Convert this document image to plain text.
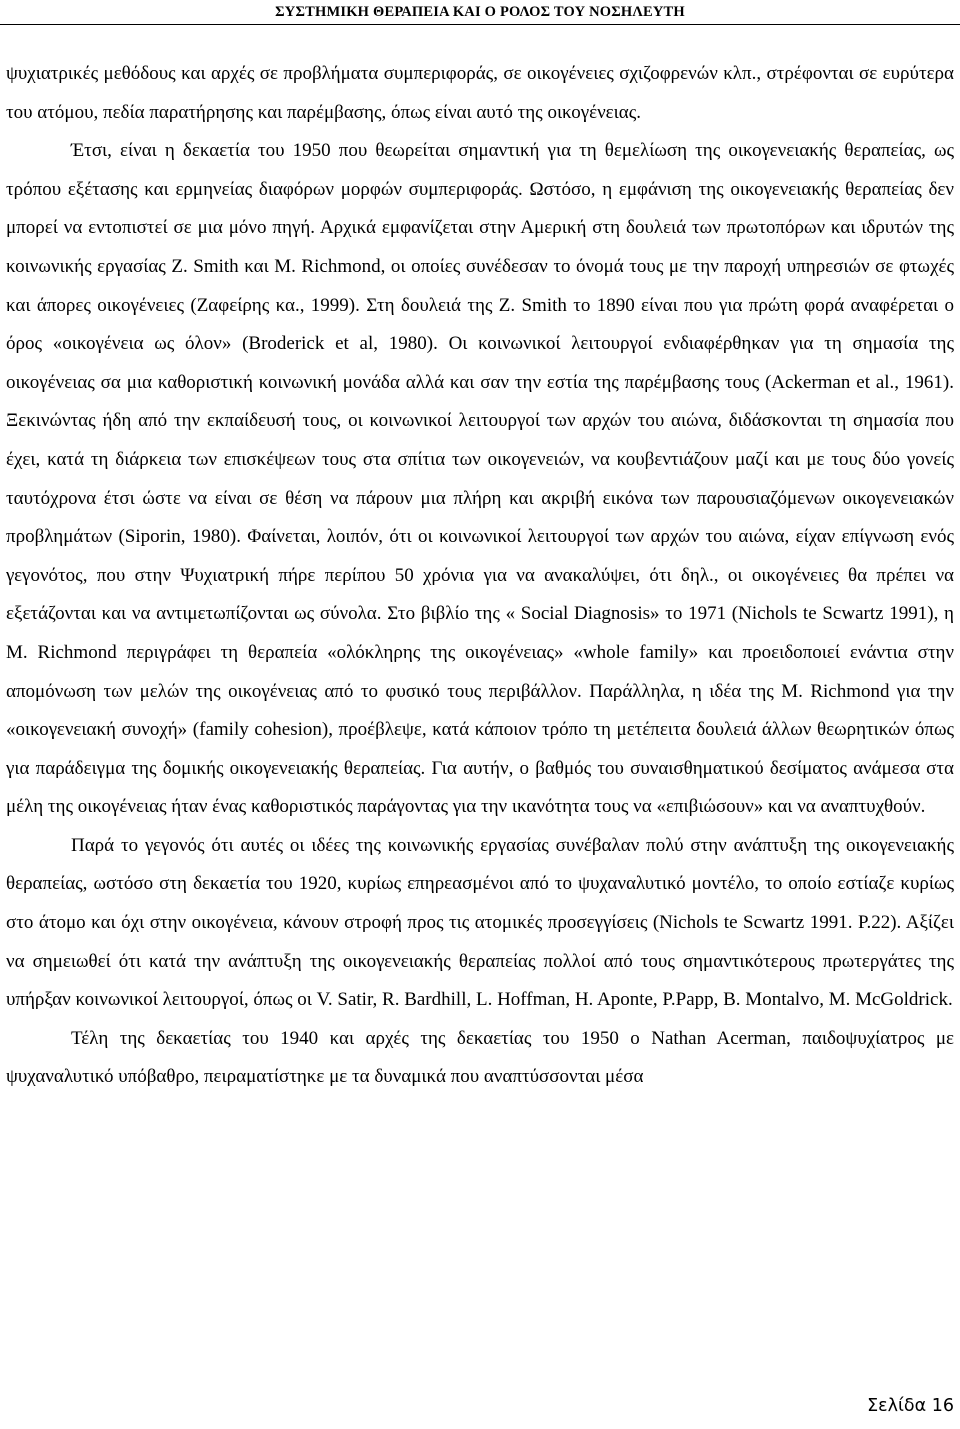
ΣΥΣΤΗΜΙΚΗ ΘΕΡΑΠΕΙΑ ΚΑΙ Ο ΡΟΛΟΣ ΤΟΥ ΝΟΣΗΛΕΥΤΗ

ψυχιατρικές μεθόδους και αρχές σε προβλήματα συμπεριφοράς, σε οικογένειες σχιζοφρενών κλπ., στρέφονται σε ευρύτερα του ατόμου, πεδία παρατήρησης και παρέμβασης, όπως είναι αυτό της οικογένειας.

Έτσι, είναι η δεκαετία του 1950 που θεωρείται σημαντική για τη θεμελίωση της οικογενειακής θεραπείας, ως τρόπου εξέτασης και ερμηνείας διαφόρων μορφών συμπεριφοράς. Ωστόσο, η εμφάνιση της οικογενειακής θεραπείας δεν μπορεί να εντοπιστεί σε μια μόνο πηγή. Αρχικά εμφανίζεται στην Αμερική στη δουλειά των πρωτοπόρων και ιδρυτών της κοινωνικής εργασίας Z. Smith και M. Richmond, οι οποίες συνέδεσαν το όνομά τους με την παροχή υπηρεσιών σε φτωχές και άπορες οικογένειες (Ζαφείρης κα., 1999). Στη δουλειά της Z. Smith το 1890 είναι που για πρώτη φορά αναφέρεται ο όρος «οικογένεια ως όλον» (Broderick et al, 1980). Οι κοινωνικοί λειτουργοί ενδιαφέρθηκαν για τη σημασία της οικογένειας σα μια καθοριστική κοινωνική μονάδα αλλά και σαν την εστία της παρέμβασης τους (Ackerman et al., 1961). Ξεκινώντας ήδη από την εκπαίδευσή τους, οι κοινωνικοί λειτουργοί των αρχών του αιώνα, διδάσκονται τη σημασία που έχει, κατά τη διάρκεια των επισκέψεων τους στα σπίτια των οικογενειών, να κουβεντιάζουν μαζί και με τους δύο γονείς ταυτόχρονα έτσι ώστε να είναι σε θέση να πάρουν μια πλήρη και ακριβή εικόνα των παρουσιαζόμενων οικογενειακών προβλημάτων (Siporin, 1980). Φαίνεται, λοιπόν, ότι οι κοινωνικοί λειτουργοί των αρχών του αιώνα, είχαν επίγνωση ενός γεγονότος, που στην Ψυχιατρική πήρε περίπου 50 χρόνια για να ανακαλύψει, ότι δηλ., οι οικογένειες θα πρέπει να εξετάζονται και να αντιμετωπίζονται ως σύνολα. Στο βιβλίο της « Social Diagnosis» το 1971 (Nichols te Scwartz 1991), η M. Richmond περιγράφει τη θεραπεία «ολόκληρης της οικογένειας» «whole family» και προειδοποιεί ενάντια στην απομόνωση των μελών της οικογένειας από το φυσικό τους περιβάλλον. Παράλληλα, η ιδέα της M. Richmond για την «οικογενειακή συνοχή» (family cohesion), προέβλεψε, κατά κάποιον τρόπο τη μετέπειτα δουλειά άλλων θεωρητικών όπως για παράδειγμα της δομικής οικογενειακής θεραπείας. Για αυτήν, ο βαθμός του συναισθηματικού δεσίματος ανάμεσα στα μέλη της οικογένειας ήταν ένας καθοριστικός παράγοντας για την ικανότητα τους να «επιβιώσουν» και να αναπτυχθούν.

Παρά το γεγονός ότι αυτές οι ιδέες της κοινωνικής εργασίας συνέβαλαν πολύ στην ανάπτυξη της οικογενειακής θεραπείας, ωστόσο στη δεκαετία του 1920, κυρίως επηρεασμένοι από το ψυχαναλυτικό μοντέλο, το οποίο εστίαζε κυρίως στο άτομο και όχι στην οικογένεια, κάνουν στροφή προς τις ατομικές προσεγγίσεις (Nichols te Scwartz 1991. P.22). Αξίζει να σημειωθεί ότι κατά την ανάπτυξη της οικογενειακής θεραπείας πολλοί από τους σημαντικότερους πρωτεργάτες της υπήρξαν κοινωνικοί λειτουργοί, όπως οι V. Satir, R. Bardhill, L. Hoffman, H. Aponte, P.Papp, B. Montalvo, M. McGoldrick.

Τέλη της δεκαετίας του 1940 και αρχές της δεκαετίας του 1950 ο Nathan Acerman, παιδοψυχίατρος με ψυχαναλυτικό υπόβαθρο, πειραματίστηκε με τα δυναμικά που αναπτύσσονται μέσα

Σελίδα 16
